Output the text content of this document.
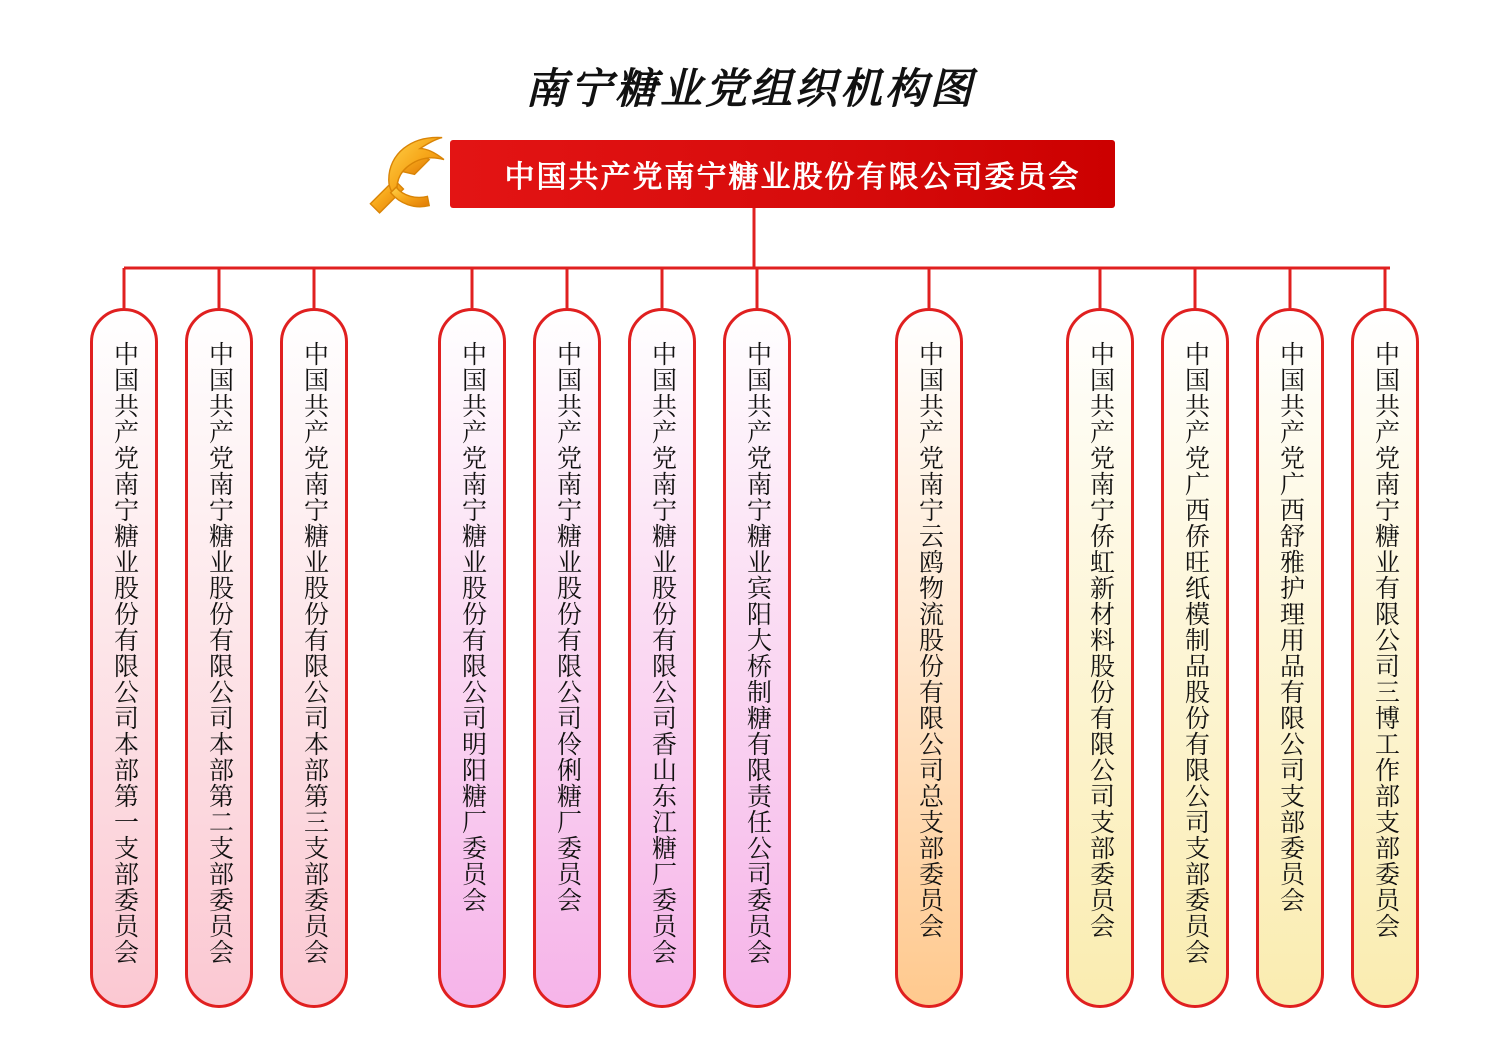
南宁糖业党组织机构图
中国共产党南宁糖业股份有限公司委员会
中国共产党南宁糖业股份有限公司本部第一支部委员会	中国共产党南宁糖业股份有限公司本部第二支部委员会	中国共产党南宁糖业股份有限公司本部第三支部委员会	中国共产党南宁糖业股份有限公司明阳糖厂委员会	中国共产党南宁糖业股份有限公司伶俐糖厂委员会	中国共产党南宁糖业股份有限公司香山东江糖厂委员会	中国共产党南宁糖业宾阳大桥制糖有限责任公司委员会	中国共产党南宁云鸥物流股份有限公司总支部委员会	中国共产党南宁侨虹新材料股份有限公司支部委员会	中国共产党广西侨旺纸模制品股份有限公司支部委员会	中国共产党广西舒雅护理用品有限公司支部委员会	中国共产党南宁糖业有限公司三博工作部支部委员会
